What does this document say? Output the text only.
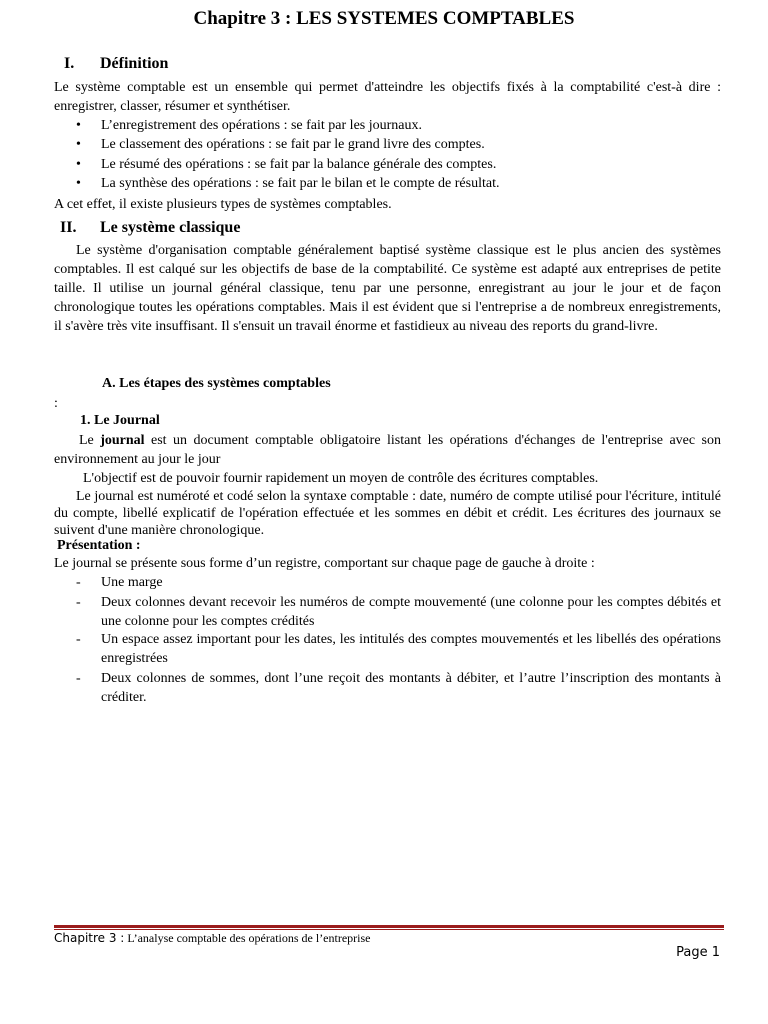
Chapitre 3 : LES SYSTEMES COMPTABLES
I. Définition
Le système comptable est un ensemble qui permet d'atteindre les objectifs fixés à la comptabilité c'est-à dire : enregistrer, classer, résumer et synthétiser.
• L’enregistrement des opérations : se fait par les journaux.
• Le classement des opérations : se fait par le grand livre des comptes.
• Le résumé des opérations : se fait par la balance générale des comptes.
• La synthèse des opérations : se fait par le bilan et le compte de résultat.
A cet effet, il existe plusieurs types de systèmes comptables.
II. Le système classique
Le système d'organisation comptable généralement baptisé système classique est le plus ancien des systèmes comptables. Il est calqué sur les objectifs de base de la comptabilité. Ce système est adapté aux entreprises de petite taille. Il utilise un journal général classique, tenu par une personne, enregistrant au jour le jour et de façon chronologique toutes les opérations comptables. Mais il est évident que si l'entreprise a de nombreux enregistrements, il s'avère très vite insuffisant. Il s'ensuit un travail énorme et fastidieux au niveau des reports du grand-livre.
A. Les étapes des systèmes comptables
:
1. Le Journal
Le journal est un document comptable obligatoire listant les opérations d'échanges de l'entreprise avec son environnement au jour le jour
L'objectif est de pouvoir fournir rapidement un moyen de contrôle des écritures comptables.
Le journal est numéroté et codé selon la syntaxe comptable : date, numéro de compte utilisé pour l'écriture, intitulé du compte, libellé explicatif de l'opération effectuée et les sommes en débit et crédit. Les écritures des journaux se suivent d'une manière chronologique.
Présentation :
Le journal se présente sous forme d’un registre, comportant sur chaque page de gauche à droite :
- Une marge
- Deux colonnes devant recevoir les numéros de compte mouvementé (une colonne pour les comptes débités et une colonne pour les comptes crédités
- Un espace assez important pour les dates, les intitulés des comptes mouvementés et les libellés des opérations enregistrées
- Deux colonnes de sommes, dont l’une reçoit des montants à débiter, et l’autre l’inscription des montants à créditer.
Chapitre 3 : L’analyse comptable des opérations de l’entreprise
Page 1
